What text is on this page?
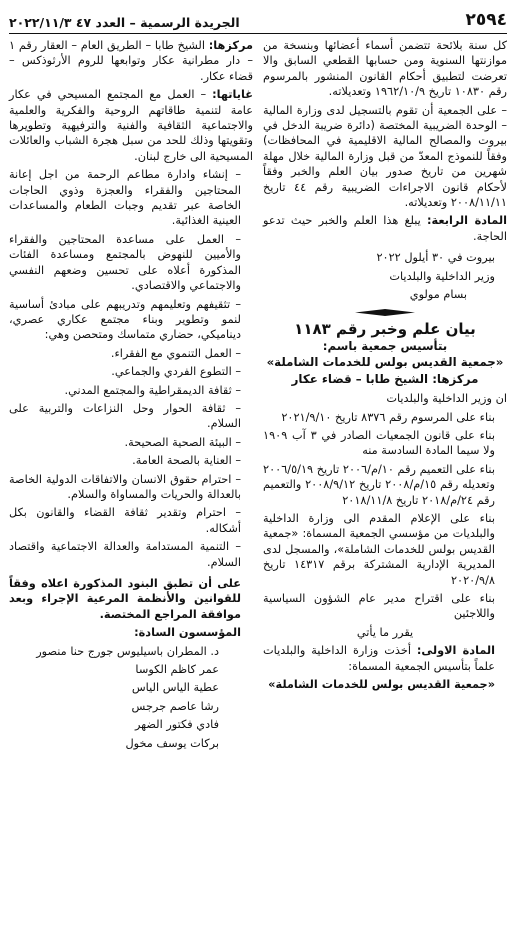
٢٥٩٤
الجريدة الرسمية – العدد ٤٧ ٢٠٢٢/١١/٣

كل سنة بلائحة تتضمن أسماء أعضائها وبنسخة من موازنتها السنوية ومن حسابها القطعي السابق والا تعرضت لتطبيق أحكام القانون المنشور بالمرسوم رقم ١٠٨٣٠ تاريخ ١٩٦٢/١٠/٩ وتعديلاته.

– على الجمعية أن تقوم بالتسجيل لدى وزارة المالية – الوحدة الضريبية المختصة (دائرة ضريبة الدخل في بيروت والمصالح المالية الاقليمية في المحافظات) وفقاً للنموذج المعدّ من قبل وزارة المالية خلال مهلة شهرين من تاريخ صدور بيان العلم والخبر وفقاً لأحكام قانون الاجراءات الضريبية رقم ٤٤ تاريخ ٢٠٠٨/١١/١١ وتعديلاته.

المادة الرابعة: يبلغ هذا العلم والخبر حيث تدعو الحاجة.

بيروت في ٣٠ أيلول ٢٠٢٢

وزير الداخلية والبلديات

بسام مولوي

بيان علم وخبر رقم ١١٨٣
بتأسيس جمعية باسم:
«جمعية القديس بولس للخدمات الشاملة»
مركزها: الشيخ طابا – قضاء عكار

ان وزير الداخلية والبلديات

بناء على المرسوم رقم ٨٣٧٦ تاريخ ٢٠٢١/٩/١٠

بناء على قانون الجمعيات الصادر في ٣ آب ١٩٠٩ ولا سيما المادة السادسة منه

بناء على التعميم رقم ١٠/م/٢٠٠٦ تاريخ ٢٠٠٦/٥/١٩ وتعديله رقم ١٥/م/٢٠٠٨ تاريخ ٢٠٠٨/٩/١٢ والتعميم رقم ٢٤/م/٢٠١٨ تاريخ ٢٠١٨/١١/٨

بناء على الإعلام المقدم الى وزارة الداخلية والبلديات من مؤسسي الجمعية المسماة: «جمعية القديس بولس للخدمات الشاملة»، والمسجل لدى المديرية الإدارية المشتركة برقم ١٤٣١٧ تاريخ ٢٠٢٠/٩/٨

بناء على اقتراح مدير عام الشؤون السياسية واللاجئين

يقرر ما يأتي

المادة الاولى: أخذت وزارة الداخلية والبلديات علماً بتأسيس الجمعية المسماة:

«جمعية القديس بولس للخدمات الشاملة»

مركزها: الشيخ طابا – الطريق العام – العقار رقم ١ – دار مطرانية عكار وتوابعها للروم الأرثوذكس – قضاء عكار.

غاياتها: – العمل مع المجتمع المسيحي في عكار عامة لتنمية طاقاتهم الروحية والفكرية والعلمية والاجتماعية الثقافية والفنية والترفيهية وتطويرها وتقويتها وذلك للحد من سبل هجرة الشباب والعائلات المسيحية الى خارج لبنان.

– إنشاء وادارة مطاعم الرحمة من اجل إعانة المحتاجين والفقراء والعجزة وذوي الحاجات الخاصة عبر تقديم وجبات الطعام والمساعدات العينية الغذائية.

– العمل على مساعدة المحتاجين والفقراء والأميين للنهوض بالمجتمع ومساعدة الفئات المذكورة أعلاه على تحسين وضعهم النفسي والاجتماعي والاقتصادي.

– تثقيفهم وتعليمهم وتدريبهم على مبادئ أساسية لنمو وتطوير وبناء مجتمع عكاري عصري، ديناميكي، حضاري متماسك ومتحصن وهي:

– العمل التنموي مع الفقراء.

– التطوع الفردي والجماعي.

– ثقافة الديمقراطية والمجتمع المدني.

– ثقافة الحوار وحل النزاعات والتربية على السلام.

– البيئة الصحية الصحيحة.

– العناية بالصحة العامة.

– احترام حقوق الانسان والاتفاقات الدولية الخاصة بالعدالة والحريات والمساواة والسلام.

– احترام وتقدير ثقافة القضاء والقانون بكل أشكاله.

– التنمية المستدامة والعدالة الاجتماعية واقتصاد السلام.

على أن تطبق البنود المذكورة اعلاه وفقاً للقوانين والأنظمة المرعية الإجراء وبعد موافقة المراجع المختصة.

المؤسسون السادة:

د. المطران باسيليوس جورج حنا منصور

عمر كاظم الكوسا

عطية الياس الياس

رشا عاصم جرجس

فادي فكتور الضهر

بركات يوسف مخول
